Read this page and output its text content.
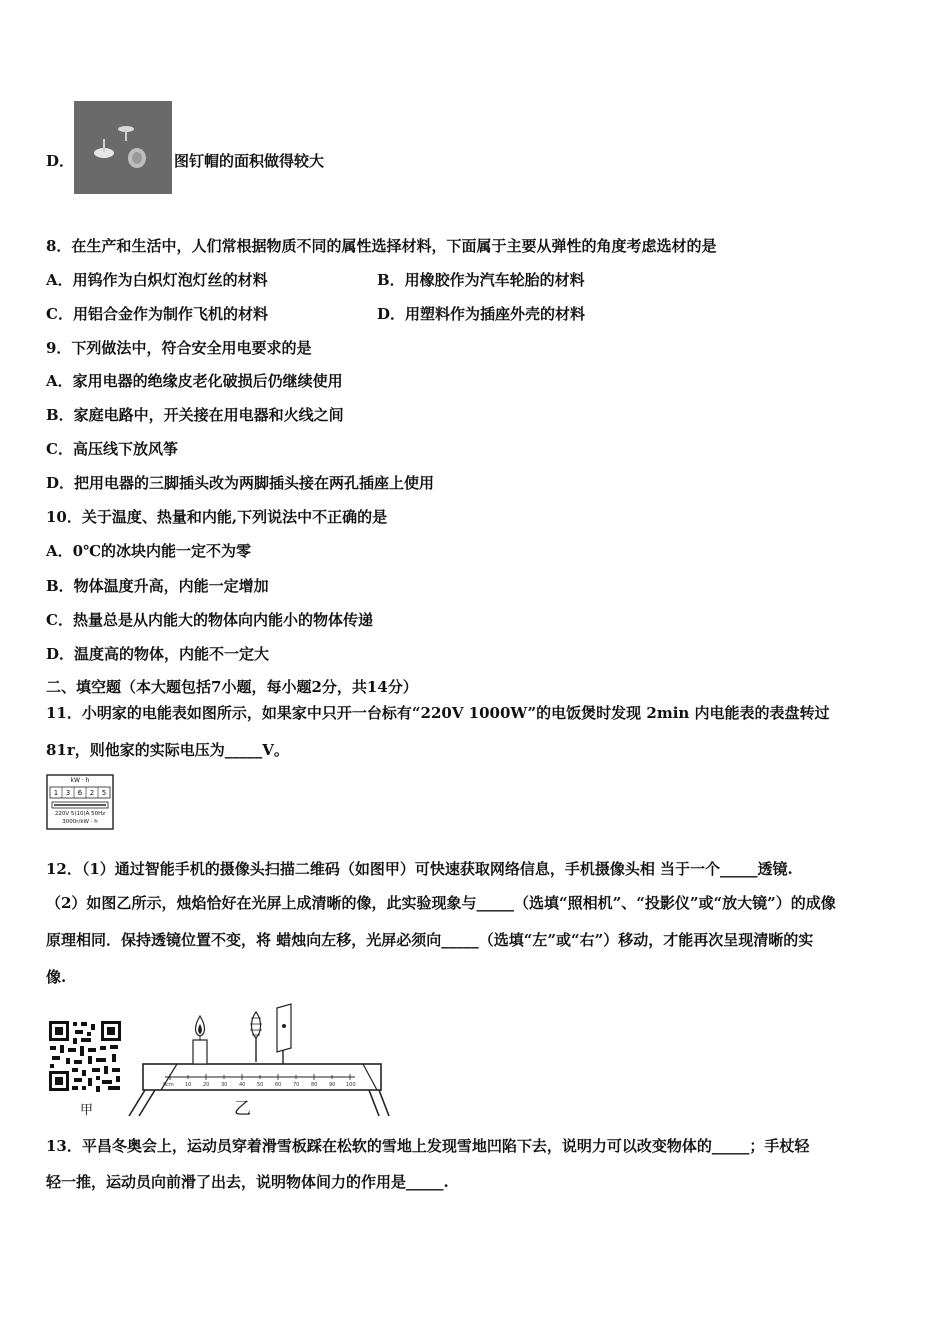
D．	图钉帽的面积做得较大
8．在生产和生活中，人们常根据物质不同的属性选择材料，下面属于主要从弹性的角度考虑选材的是
A．用钨作为白炽灯泡灯丝的材料	B．用橡胶作为汽车轮胎的材料
C．用铝合金作为制作飞机的材料	D．用塑料作为插座外壳的材料
9．下列做法中，符合安全用电要求的是
A．家用电器的绝缘皮老化破损后仍继续使用
B．家庭电路中，开关接在用电器和火线之间
C．高压线下放风筝
D．把用电器的三脚插头改为两脚插头接在两孔插座上使用
10．关于温度、热量和内能,下列说法中不正确的是
A．0℃的冰块内能一定不为零
B．物体温度升高，内能一定增加
C．热量总是从内能大的物体向内能小的物体传递
D．温度高的物体，内能不一定大
二、填空题（本大题包括7小题，每小题2分，共14分）
11．小明家的电能表如图所示，如果家中只开一台标有“220V 1000W”的电饭煲时发现 2min 内电能表的表盘转过
81r，则他家的实际电压为_____V。
kW · h
1	3	6	2	5
220V 5(10)A 50Hz
3000r/kW · h
12．（1）通过智能手机的摄像头扫描二维码（如图甲）可快速获取网络信息，手机摄像头相 当于一个_____透镜.
（2）如图乙所示，烛焰恰好在光屏上成清晰的像，此实验现象与_____（选填“照相机”、“投影仪”或“放大镜”）的成像
原理相同．保持透镜位置不变，将 蜡烛向左移，光屏必须向_____（选填“左”或“右”）移动，才能再次呈现清晰的实
像.
甲
0cm 10 20 30 40 50 60 70 80 90 100
乙
13．平昌冬奥会上，运动员穿着滑雪板踩在松软的雪地上发现雪地凹陷下去，说明力可以改变物体的_____；手杖轻
轻一推，运动员向前滑了出去，说明物体间力的作用是_____.
